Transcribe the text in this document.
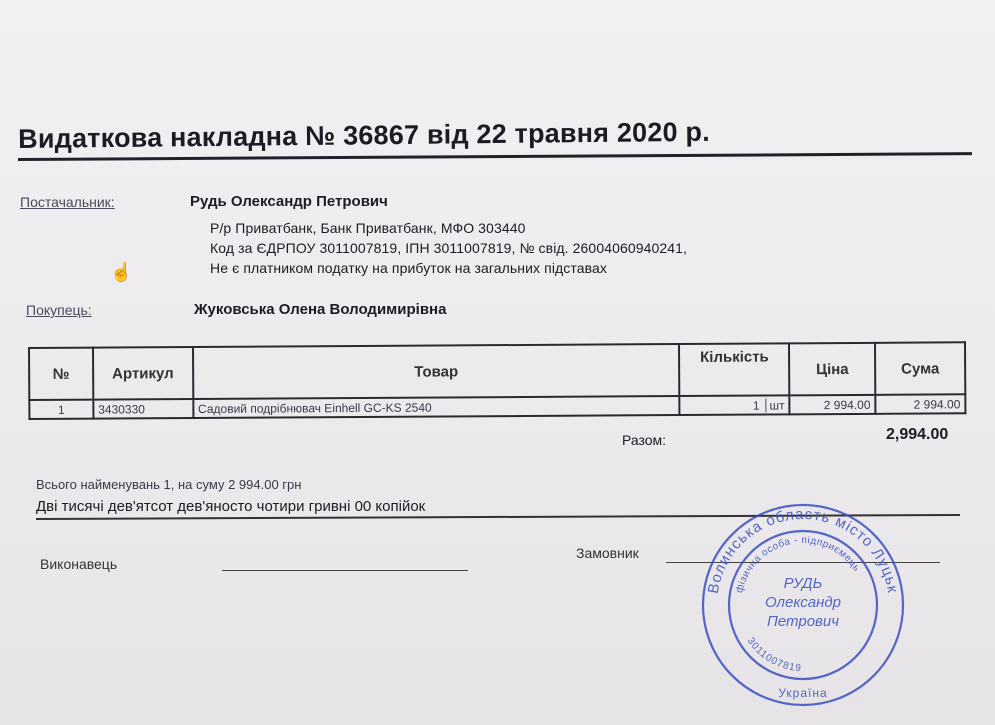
Видаткова накладна № 36867 від 22 травня 2020 р.
Постачальник:	Рудь Олександр Петрович
Р/р Приватбанк, Банк Приватбанк, МФО 303440
Код за ЄДРПОУ 3011007819, ІПН 3011007819, № свід. 26004060940241,
Не є платником податку на прибуток на загальних підставах
☝
Покупець:	Жуковська Олена Володимирівна
№	Артикул	Товар	Кількість	Ціна	Сума
1	3430330	Садовий подрібнювач Einhell GC-KS 2540	1 шт	2 994.00	2 994.00
Разом:	2,994.00
Всього найменувань 1, на суму 2 994.00 грн
Дві тисячі дев'ятсот дев'яносто чотири гривні 00 копійок
Виконавець
Замовник
Волинська область місто Луцьк
фізична особа - підприємець
3011007819
РУДЬ
Олександр
Петрович
Україна
